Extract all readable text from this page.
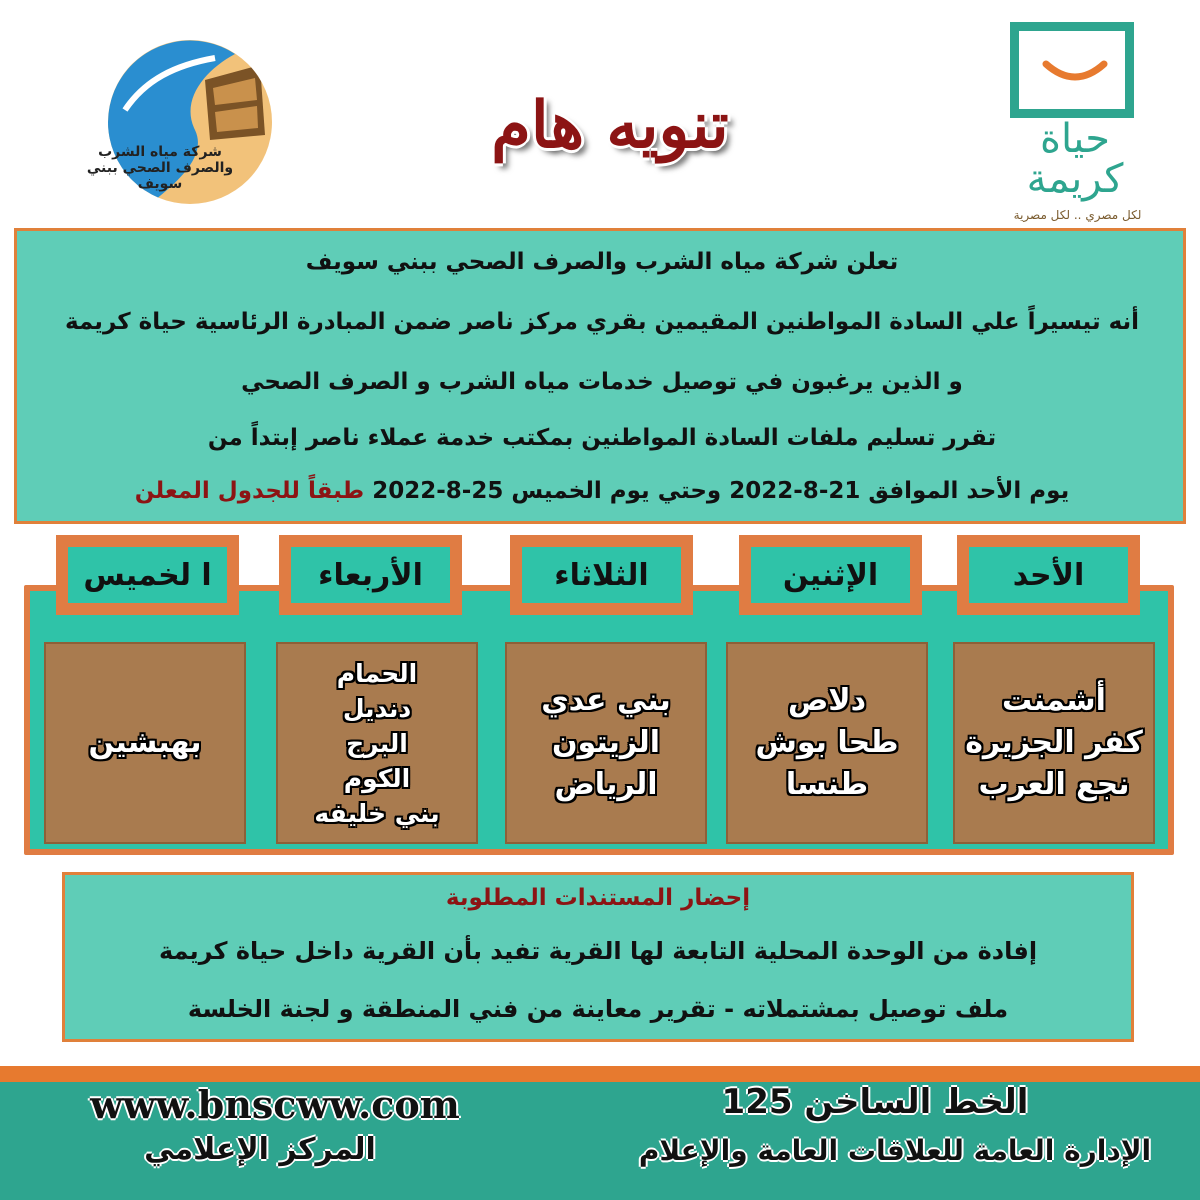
شركة مياه الشرب
والصرف الصحي ببني سويف
تنويه هام	حياة
كريمة
لكل مصري .. لكل مصرية
تعلن شركة مياه الشرب والصرف الصحي ببني سويف
أنه تيسيراً علي السادة المواطنين المقيمين بقري مركز ناصر ضمن المبادرة الرئاسية حياة كريمة
و الذين يرغبون في توصيل خدمات مياه الشرب و الصرف الصحي
تقرر تسليم ملفات السادة المواطنين بمكتب خدمة عملاء ناصر إبتداً من
يوم الأحد الموافق 21-8-2022 وحتي يوم الخميس 25-8-2022 طبقاً للجدول المعلن
الأحد
الإثنين
الثلاثاء
الأربعاء
ا لخميس
أشمنت
كفر الجزيرة
نجع العرب
دلاص
طحا بوش
طنسا
بني عدي
الزيتون
الرياض
الحمام
دنديل
البرج
الكوم
بني خليفه
بهبشين
إحضار المستندات المطلوبة
إفادة من الوحدة المحلية التابعة لها القرية تفيد بأن القرية داخل حياة كريمة
ملف توصيل بمشتملاته - تقرير معاينة من فني المنطقة و لجنة الخلسة
الخط الساخن 125
الإدارة العامة للعلاقات العامة والإعلام
www.bnscww.com
المركز الإعلامي
